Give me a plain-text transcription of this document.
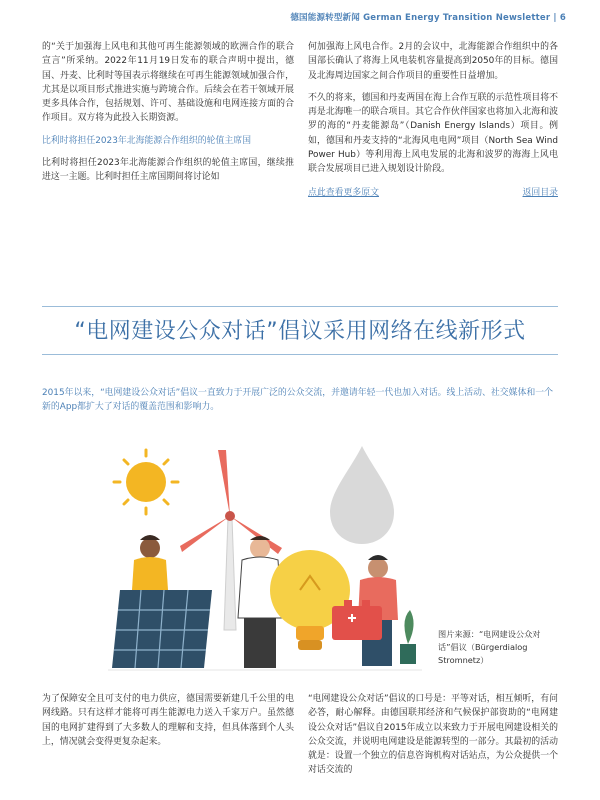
德国能源转型新闻 German Energy Transition Newsletter | 6

的“关于加强海上风电和其他可再生能源领域的欧洲合作的联合宣言”所采纳。2022年11月19日发布的联合声明中提出，德国、丹麦、比利时等国表示将继续在可再生能源领域加强合作，尤其是以项目形式推进实施与跨境合作。后续会在若干领域开展更多具体合作，包括规划、许可、基础设施和电网连接方面的合作项目。双方将为此投入长期资源。

比利时将担任2023年北海能源合作组织的轮值主席国

比利时将担任2023年北海能源合作组织的轮值主席国，继续推进这一主题。比利时担任主席国期间将讨论如

何加强海上风电合作。2月的会议中，北海能源合作组织中的各国部长确认了将海上风电装机容量提高到2050年的目标。德国及北海周边国家之间合作项目的重要性日益增加。

不久的将来，德国和丹麦两国在海上合作互联的示范性项目将不再是北海唯一的联合项目。其它合作伙伴国家也将加入北海和波罗的海的“丹麦能源岛”（Danish Energy Islands）项目。例如，德国和丹麦支持的“北海风电电网”项目（North Sea Wind Power Hub）等利用海上风电发展的北海和波罗的海海上风电联合发展项目已进入规划设计阶段。

点此查看更多原文	返回目录
“电网建设公众对话”倡议采用网络在线新形式
2015年以来，“电网建设公众对话”倡议一直致力于开展广泛的公众交流，并邀请年轻一代也加入对话。线上活动、社交媒体和一个新的App都扩大了对话的覆盖范围和影响力。
图片来源：“电网建设公众对话”倡议（Bürgerdialog Stromnetz）

为了保障安全且可支付的电力供应，德国需要新建几千公里的电网线路。只有这样才能将可再生能源电力送入千家万户。虽然德国的电网扩建得到了大多数人的理解和支持，但具体落到个人头上，情况就会变得更复杂起来。

“电网建设公众对话”倡议的口号是：平等对话，相互倾听，有问必答，耐心解释。由德国联邦经济和气候保护部资助的“电网建设公众对话”倡议自2015年成立以来致力于开展电网建设相关的公众交流，并说明电网建设是能源转型的一部分。其最初的活动就是：设置一个独立的信息咨询机构对话站点，为公众提供一个对话交流的
